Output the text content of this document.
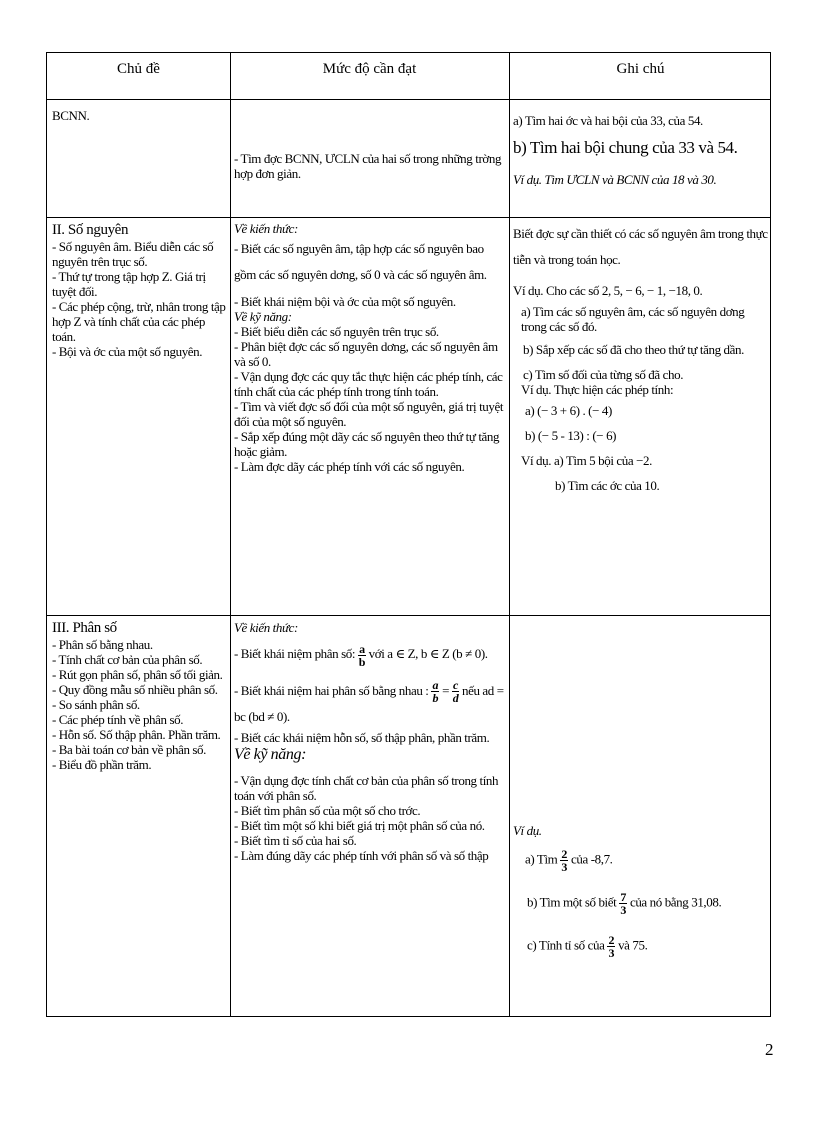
Chủ đề	Mức độ cần đạt	Ghi chú
BCNN.
- Tìm đợc BCNN, ƯCLN của hai số trong những trờng hợp đơn giản.
a) Tìm hai ớc và hai bội của 33, của 54.
b) Tìm hai bội chung của 33 và 54.
Ví dụ. Tìm ƯCLN và BCNN của 18 và 30.
II. Số nguyên
- Số nguyên âm. Biểu diễn các số nguyên trên trục số.
- Thứ tự trong tập hợp Z. Giá trị tuyệt đối.
- Các phép cộng, trừ, nhân trong tập hợp Z và tính chất của các phép toán.
- Bội và ớc của một số nguyên.
Về kiến thức:
- Biết các số nguyên âm, tập hợp các số nguyên bao gồm các số nguyên dơng, số 0 và các số nguyên âm.
- Biết khái niệm bội và ớc của một số nguyên.
Về kỹ năng:
- Biết biểu diễn các số nguyên trên trục số.
- Phân biệt đợc các số nguyên dơng, các số nguyên âm và số 0.
- Vận dụng đợc các quy tắc thực hiện các phép tính, các tính chất của các phép tính trong tính toán.
- Tìm và viết đợc số đối của một số nguyên, giá trị tuyệt đối của một số nguyên.
- Sắp xếp đúng một dãy các số nguyên theo thứ tự tăng hoặc giảm.
- Làm đợc dãy các phép tính với các số nguyên.
Biết đợc sự cần thiết có các số nguyên âm trong thực tiễn và trong toán học.
Ví dụ. Cho các số 2, 5, − 6, − 1, −18, 0.
a) Tìm các số nguyên âm, các số nguyên dơng trong các số đó.
b) Sắp xếp các số đã cho theo thứ tự tăng dần.
c) Tìm số đối của từng số đã cho.
Ví dụ. Thực hiện các phép tính:
a) (− 3 + 6) . (− 4)
b) (− 5 - 13) : (− 6)
Ví dụ. a) Tìm 5 bội của −2.
b) Tìm các ớc của 10.
III. Phân số
- Phân số bằng nhau.
- Tính chất cơ bản của phân số.
- Rút gọn phân số, phân số tối giản.
- Quy đồng mẫu số nhiều phân số.
- So sánh phân số.
- Các phép tính về phân số.
- Hỗn số. Số thập phân. Phần trăm.
- Ba bài toán cơ bản về phân số.
- Biểu đồ phần trăm.
Về kiến thức:
- Biết khái niệm phân số: $\frac{a}{b}$ với a ∈ Z, b ∈ Z (b ≠ 0).
- Biết khái niệm hai phân số bằng nhau : $\frac{a}{b} = \frac{c}{d}$ nếu ad = bc (bd ≠ 0).
- Biết các khái niệm hỗn số, số thập phân, phần trăm.
Về kỹ năng:
- Vận dụng đợc tính chất cơ bản của phân số trong tính toán với phân số.
- Biết tìm phân số của một số cho trớc.
- Biết tìm một số khi biết giá trị một phân số của nó.
- Biết tìm tỉ số của hai số.
- Làm đúng dãy các phép tính với phân số và số thập
Ví dụ.
a) Tìm $\frac{2}{3}$ của -8,7.
b) Tìm một số biết $\frac{7}{3}$ của nó bằng 31,08.
c) Tính tỉ số của $\frac{2}{3}$ và 75.
2
